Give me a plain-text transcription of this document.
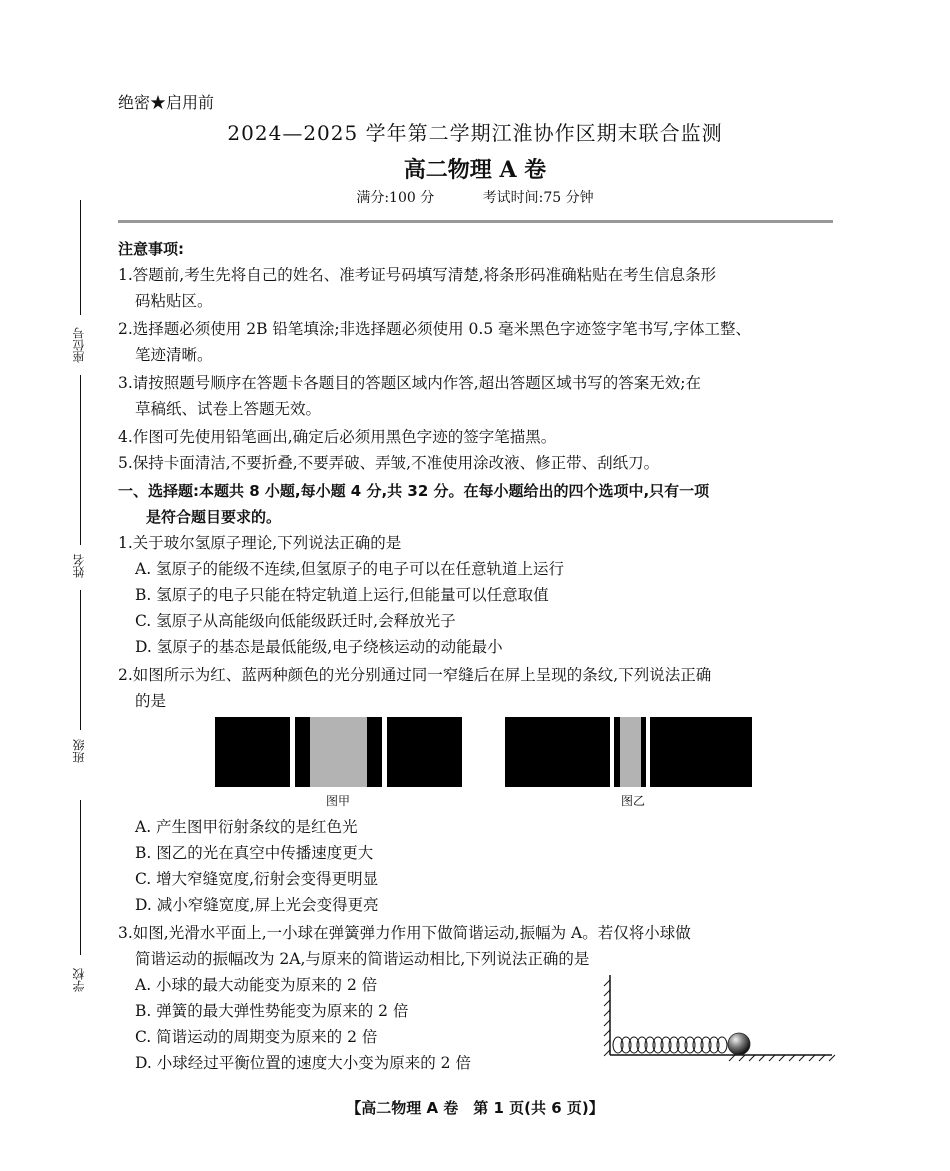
绝密★启用前
2024—2025 学年第二学期江淮协作区期末联合监测
高二物理 A 卷
满分:100 分	考试时间:75 分钟
座位号
姓名
班级
学校
注意事项:
1.答题前,考生先将自己的姓名、准考证号码填写清楚,将条形码准确粘贴在考生信息条形
码粘贴区。
2.选择题必须使用 2B 铅笔填涂;非选择题必须使用 0.5 毫米黑色字迹签字笔书写,字体工整、
笔迹清晰。
3.请按照题号顺序在答题卡各题目的答题区域内作答,超出答题区域书写的答案无效;在
草稿纸、试卷上答题无效。
4.作图可先使用铅笔画出,确定后必须用黑色字迹的签字笔描黑。
5.保持卡面清洁,不要折叠,不要弄破、弄皱,不准使用涂改液、修正带、刮纸刀。
一、选择题:本题共 8 小题,每小题 4 分,共 32 分。在每小题给出的四个选项中,只有一项
是符合题目要求的。
1.关于玻尔氢原子理论,下列说法正确的是
A. 氢原子的能级不连续,但氢原子的电子可以在任意轨道上运行
B. 氢原子的电子只能在特定轨道上运行,但能量可以任意取值
C. 氢原子从高能级向低能级跃迁时,会释放光子
D. 氢原子的基态是最低能级,电子绕核运动的动能最小
2.如图所示为红、蓝两种颜色的光分别通过同一窄缝后在屏上呈现的条纹,下列说法正确
的是
图甲	图乙
A. 产生图甲衍射条纹的是红色光
B. 图乙的光在真空中传播速度更大
C. 增大窄缝宽度,衍射会变得更明显
D. 减小窄缝宽度,屏上光会变得更亮
3.如图,光滑水平面上,一小球在弹簧弹力作用下做简谐运动,振幅为 A。若仅将小球做
简谐运动的振幅改为 2A,与原来的简谐运动相比,下列说法正确的是
A. 小球的最大动能变为原来的 2 倍
B. 弹簧的最大弹性势能变为原来的 2 倍
C. 简谐运动的周期变为原来的 2 倍
D. 小球经过平衡位置的速度大小变为原来的 2 倍
【高二物理 A 卷　第 1 页(共 6 页)】
